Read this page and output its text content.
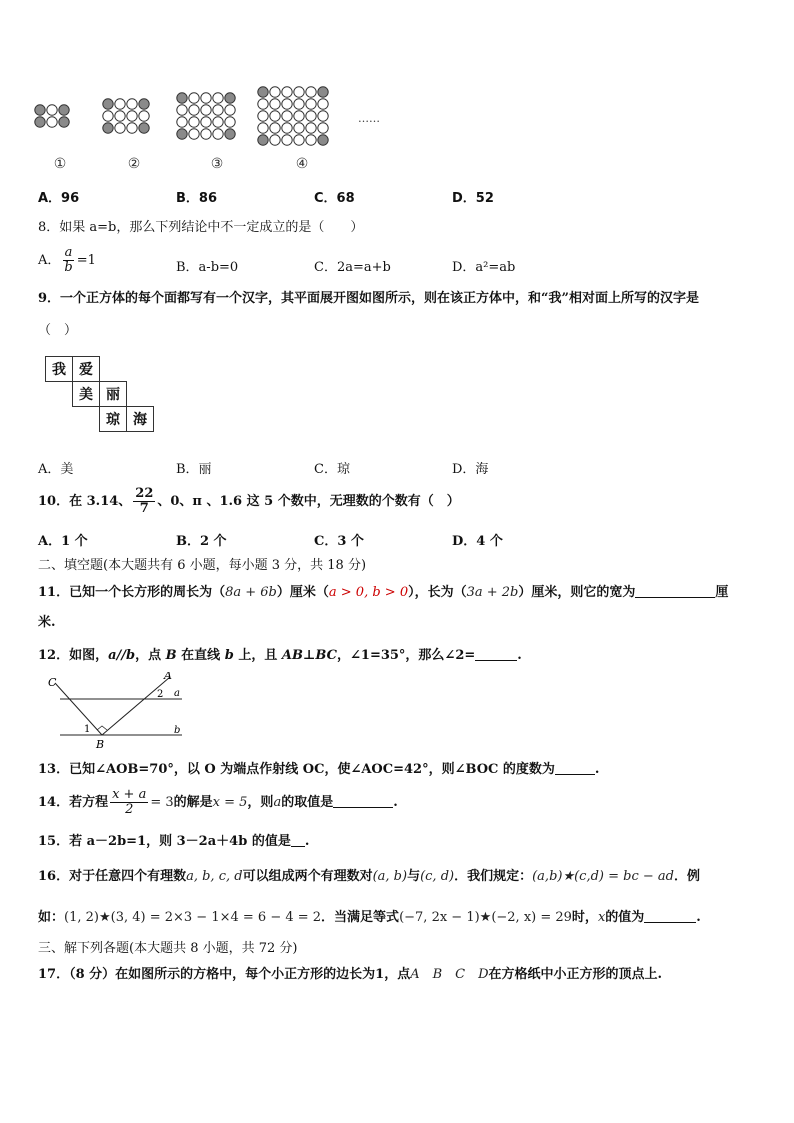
①	②	③	④
……
A．96	B．86	C．68	D．52
8．如果 a=b，那么下列结论中不一定成立的是（　　）
A． $\frac{a}{b} =1$	B．a-b=0	C．2a=a+b	D．a²=ab
9．一个正方体的每个面都写有一个汉字，其平面展开图如图所示，则在该正方体中，和“我”相对面上所写的汉字是
（　）
我	爱		
	美	丽	
		琼	海
A．美	B．丽	C．琼	D．海
10．在 3.14、 $\frac{22}{7}$ 、0、π 、1.6 这 5 个数中，无理数的个数有（　）
A．1 个	B．2 个	C．3 个	D．4 个
二、填空题(本大题共有 6 小题，每小题 3 分，共 18 分)
11．已知一个长方形的周长为（8a + 6b）厘米（a > 0, b > 0），长为（3a + 2b）厘米，则它的宽为	厘
米.
12．如图，a//b，点 B 在直线 b 上，且 AB⊥BC，∠1=35°，那么∠2=	.
C
A
a
b
B
1
2
13．已知∠AOB=70°，以 O 为端点作射线 OC，使∠AOC=42°，则∠BOC 的度数为	.
14．若方程 $\frac{x + a}{2} = 3$的解是x = 5，则a的取值是	.
15．若 a－2b=1，则 3－2a＋4b 的值是 .
16．对于任意四个有理数a, b, c, d可以组成两个有理数对(a, b)与(c, d)．我们规定：(a,b)★(c,d) = bc − ad．例
如：(1, 2)★(3, 4) = 2×3 − 1×4 = 6 − 4 = 2．当满足等式(−7, 2x − 1)★(−2, x) = 29时，x的值为	.
三、解下列各题(本大题共 8 小题，共 72 分)
17．（8 分）在如图所示的方格中，每个小正方形的边长为1，点A　B　C　D在方格纸中小正方形的顶点上.
